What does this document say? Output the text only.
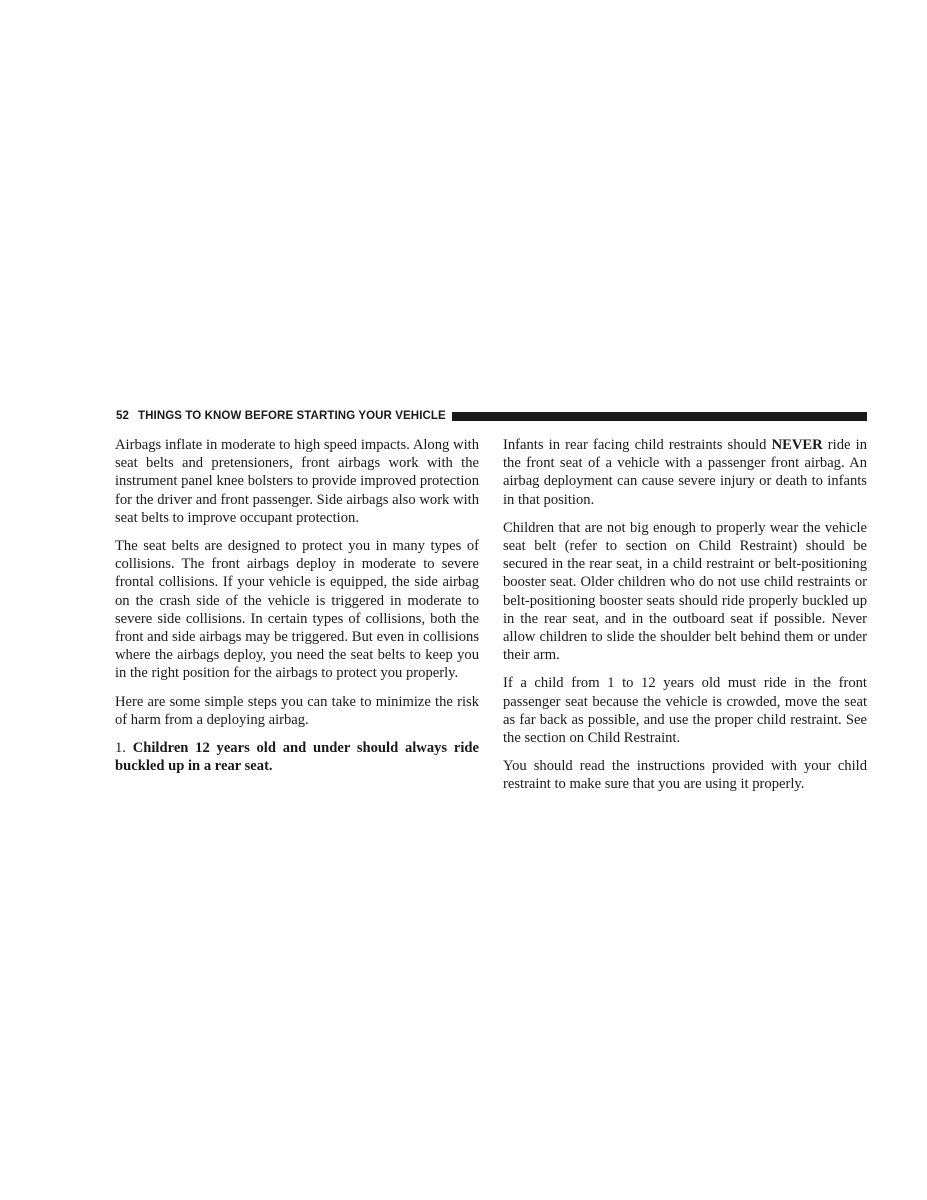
52 THINGS TO KNOW BEFORE STARTING YOUR VEHICLE

Airbags inflate in moderate to high speed impacts. Along with seat belts and pretensioners, front airbags work with the instrument panel knee bolsters to provide improved protection for the driver and front passenger. Side airbags also work with seat belts to improve occupant protection.

The seat belts are designed to protect you in many types of collisions. The front airbags deploy in moderate to severe frontal collisions. If your vehicle is equipped, the side airbag on the crash side of the vehicle is triggered in moderate to severe side collisions. In certain types of collisions, both the front and side airbags may be triggered. But even in collisions where the airbags deploy, you need the seat belts to keep you in the right position for the airbags to protect you properly.

Here are some simple steps you can take to minimize the risk of harm from a deploying airbag.

1. Children 12 years old and under should always ride buckled up in a rear seat.

Infants in rear facing child restraints should NEVER ride in the front seat of a vehicle with a passenger front airbag. An airbag deployment can cause severe injury or death to infants in that position.

Children that are not big enough to properly wear the vehicle seat belt (refer to section on Child Restraint) should be secured in the rear seat, in a child restraint or belt-positioning booster seat. Older children who do not use child restraints or belt-positioning booster seats should ride properly buckled up in the rear seat, and in the outboard seat if possible. Never allow children to slide the shoulder belt behind them or under their arm.

If a child from 1 to 12 years old must ride in the front passenger seat because the vehicle is crowded, move the seat as far back as possible, and use the proper child restraint. See the section on Child Restraint.

You should read the instructions provided with your child restraint to make sure that you are using it properly.
